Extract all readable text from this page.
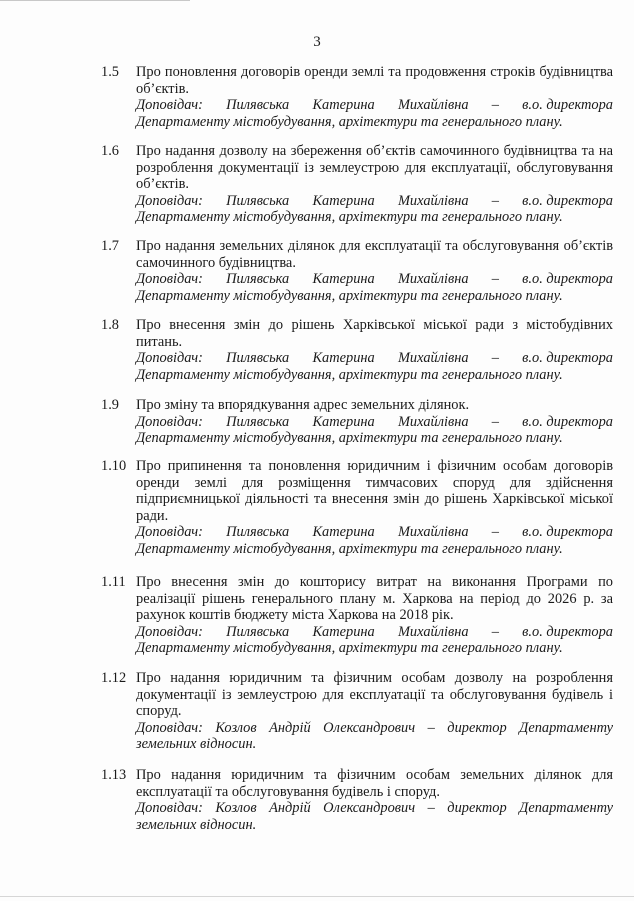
3
1.5	Про поновлення договорів оренди землі та продовження строків будівництва об’єктів.
Доповідач: Пилявська Катерина Михайлівна – в.о. директора
Департаменту містобудування, архітектури та генерального плану.
1.6	Про надання дозволу на збереження об’єктів самочинного будівництва та на розроблення документації із землеустрою для експлуатації, обслуговування об’єктів.
Доповідач: Пилявська Катерина Михайлівна – в.о. директора
Департаменту містобудування, архітектури та генерального плану.
1.7	Про надання земельних ділянок для експлуатації та обслуговування об’єктів самочинного будівництва.
Доповідач: Пилявська Катерина Михайлівна – в.о. директора
Департаменту містобудування, архітектури та генерального плану.
1.8	Про внесення змін до рішень Харківської міської ради з містобудівних питань.
Доповідач: Пилявська Катерина Михайлівна – в.о. директора
Департаменту містобудування, архітектури та генерального плану.
1.9	Про зміну та впорядкування адрес земельних ділянок.
Доповідач: Пилявська Катерина Михайлівна – в.о. директора
Департаменту містобудування, архітектури та генерального плану.
1.10 Про припинення та поновлення юридичним і фізичним особам договорів оренди землі для розміщення тимчасових споруд для здійснення підприємницької діяльності та внесення змін до рішень Харківської міської ради.
Доповідач: Пилявська Катерина Михайлівна – в.о. директора
Департаменту містобудування, архітектури та генерального плану.
1.11 Про внесення змін до кошторису витрат на виконання Програми по реалізації рішень генерального плану м. Харкова на період до 2026 р. за рахунок коштів бюджету міста Харкова на 2018 рік.
Доповідач: Пилявська Катерина Михайлівна – в.о. директора
Департаменту містобудування, архітектури та генерального плану.
1.12 Про надання юридичним та фізичним особам дозволу на розроблення документації із землеустрою для експлуатації та обслуговування будівель і споруд.
Доповідач: Козлов Андрій Олександрович – директор Департаменту земельних відносин.
1.13 Про надання юридичним та фізичним особам земельних ділянок для експлуатації та обслуговування будівель і споруд.
Доповідач: Козлов Андрій Олександрович – директор Департаменту земельних відносин.
